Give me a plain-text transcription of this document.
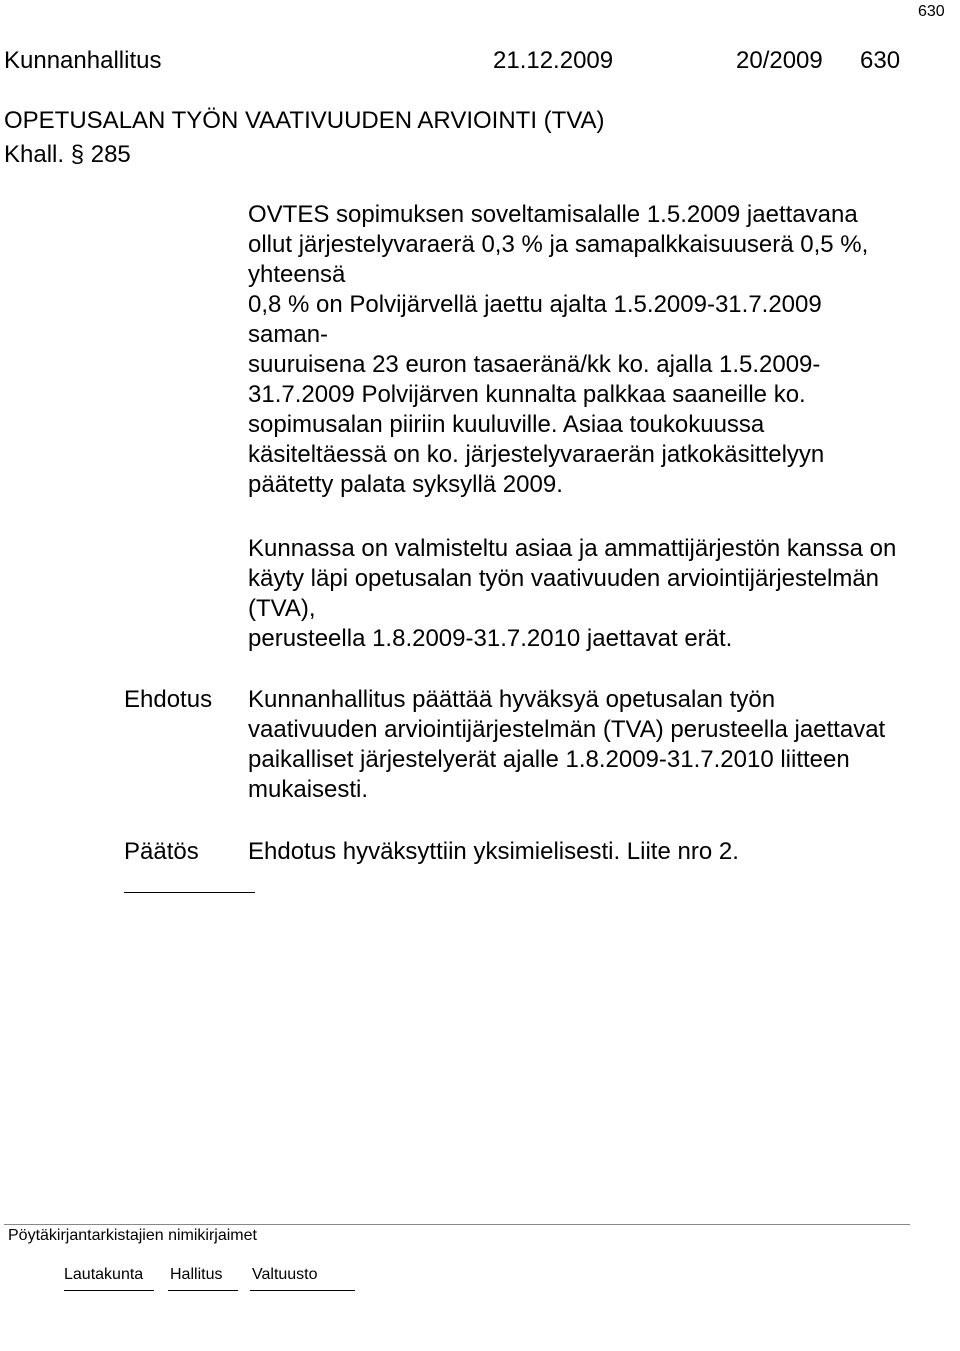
630
Kunnanhallitus	21.12.2009	20/2009 630
OPETUSALAN TYÖN VAATIVUUDEN ARVIOINTI (TVA)
Khall. § 285
OVTES sopimuksen soveltamisalalle 1.5.2009 jaettavana
ollut järjestelyvaraerä 0,3 % ja samapalkkaisuuserä 0,5 %,
yhteensä
0,8 % on Polvijärvellä jaettu ajalta 1.5.2009-31.7.2009
saman-
suuruisena 23 euron tasaeränä/kk ko. ajalla 1.5.2009-
31.7.2009 Polvijärven kunnalta palkkaa saaneille ko.
sopimusalan piiriin kuuluville. Asiaa toukokuussa
käsiteltäessä on ko. järjestelyvaraerän jatkokäsittelyyn
päätetty palata syksyllä 2009.
Kunnassa on valmisteltu asiaa ja ammattijärjestön kanssa on
käyty läpi opetusalan työn vaativuuden arviointijärjestelmän
(TVA),
perusteella 1.8.2009-31.7.2010 jaettavat erät.
Ehdotus Kunnanhallitus päättää hyväksyä opetusalan työn
vaativuuden arviointijärjestelmän (TVA) perusteella jaettavat
paikalliset järjestelyerät ajalle 1.8.2009-31.7.2010 liitteen
mukaisesti.
Päätös Ehdotus hyväksyttiin yksimielisesti. Liite nro 2.
Pöytäkirjantarkistajien nimikirjaimet
Lautakunta Hallitus Valtuusto
